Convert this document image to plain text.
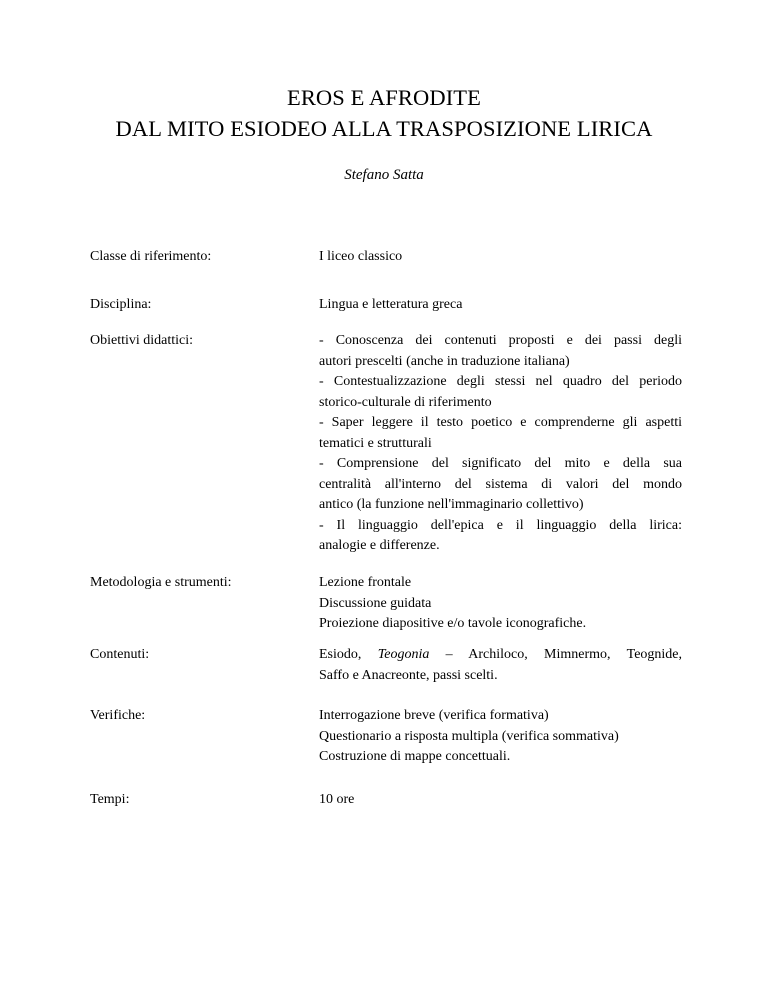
EROS E AFRODITE
DAL MITO ESIODEO ALLA TRASPOSIZIONE LIRICA
Stefano Satta
Classe di riferimento:	I liceo classico
Disciplina:	Lingua e letteratura greca
Obiettivi didattici:	- Conoscenza dei contenuti proposti e dei passi degli
autori prescelti (anche in traduzione italiana)
- Contestualizzazione degli stessi nel quadro del periodo
storico-culturale di riferimento
- Saper leggere il testo poetico e comprenderne gli aspetti
tematici e strutturali
- Comprensione del significato del mito e della sua
centralità all'interno del sistema di valori del mondo
antico (la funzione nell'immaginario collettivo)
- Il linguaggio dell'epica e il linguaggio della lirica:
analogie e differenze.
Metodologia e strumenti:	Lezione frontale
Discussione guidata
Proiezione diapositive e/o tavole iconografiche.
Contenuti:	Esiodo, Teogonia – Archiloco, Mimnermo, Teognide,
Saffo e Anacreonte, passi scelti.
Verifiche:	Interrogazione breve (verifica formativa)
Questionario a risposta multipla (verifica sommativa)
Costruzione di mappe concettuali.
Tempi:	10 ore
